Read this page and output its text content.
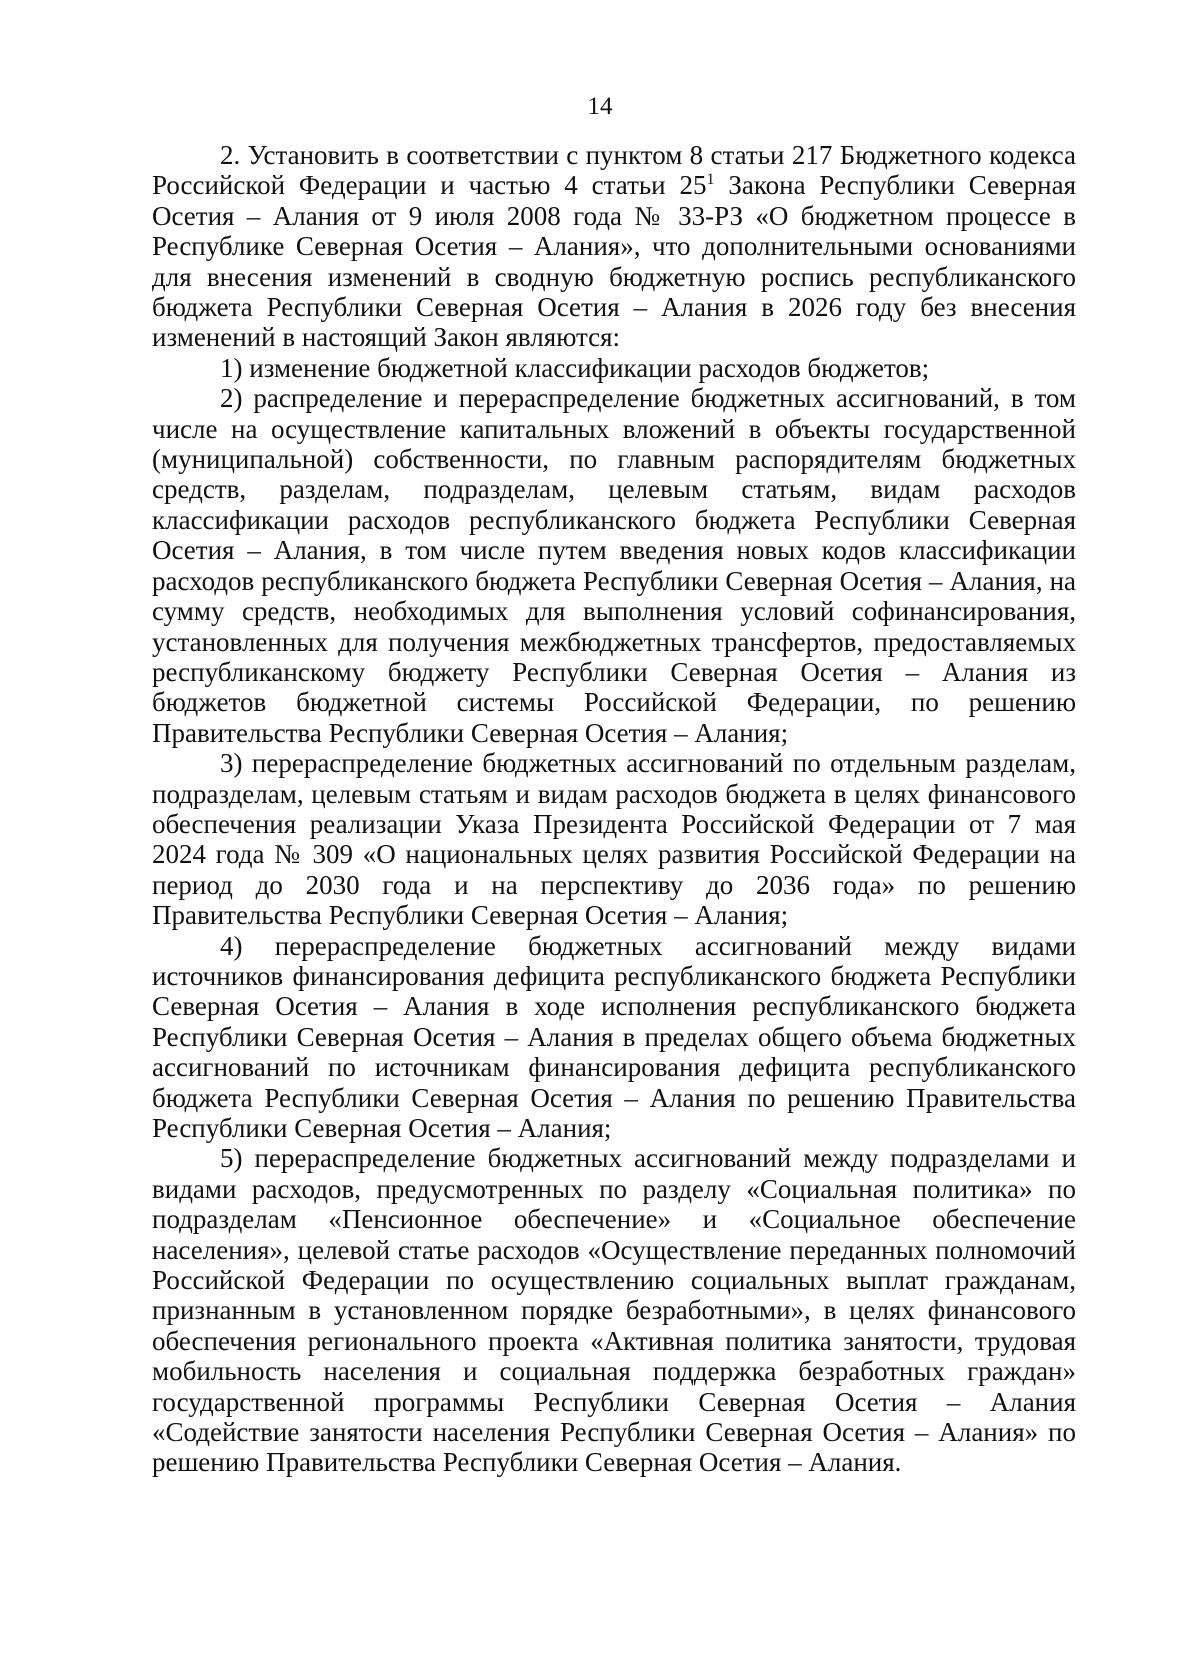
14

2. Установить в соответствии с пунктом 8 статьи 217 Бюджетного кодекса Российской Федерации и частью 4 статьи $25^1$ Закона Республики Северная Осетия – Алания от 9 июля 2008 года № 33-РЗ «О бюджетном процессе в Республике Северная Осетия – Алания», что дополнительными основаниями для внесения изменений в сводную бюджетную роспись республиканского бюджета Республики Северная Осетия – Алания в 2026 году без внесения изменений в настоящий Закон являются:

1) изменение бюджетной классификации расходов бюджетов;

2) распределение и перераспределение бюджетных ассигнований, в том числе на осуществление капитальных вложений в объекты государственной (муниципальной) собственности, по главным распорядителям бюджетных средств, разделам, подразделам, целевым статьям, видам расходов классификации расходов республиканского бюджета Республики Северная Осетия – Алания, в том числе путем введения новых кодов классификации расходов республиканского бюджета Республики Северная Осетия – Алания, на сумму средств, необходимых для выполнения условий софинансирования, установленных для получения межбюджетных трансфертов, предоставляемых республиканскому бюджету Республики Северная Осетия – Алания из бюджетов бюджетной системы Российской Федерации, по решению Правительства Республики Северная Осетия – Алания;

3) перераспределение бюджетных ассигнований по отдельным разделам, подразделам, целевым статьям и видам расходов бюджета в целях финансового обеспечения реализации Указа Президента Российской Федерации от 7 мая 2024 года № 309 «О национальных целях развития Российской Федерации на период до 2030 года и на перспективу до 2036 года» по решению Правительства Республики Северная Осетия – Алания;

4) перераспределение бюджетных ассигнований между видами источников финансирования дефицита республиканского бюджета Республики Северная Осетия – Алания в ходе исполнения республиканского бюджета Республики Северная Осетия – Алания в пределах общего объема бюджетных ассигнований по источникам финансирования дефицита республиканского бюджета Республики Северная Осетия – Алания по решению Правительства Республики Северная Осетия – Алания;

5) перераспределение бюджетных ассигнований между подразделами и видами расходов, предусмотренных по разделу «Социальная политика» по подразделам «Пенсионное обеспечение» и «Социальное обеспечение населения», целевой статье расходов «Осуществление переданных полномочий Российской Федерации по осуществлению социальных выплат гражданам, признанным в установленном порядке безработными», в целях финансового обеспечения регионального проекта «Активная политика занятости, трудовая мобильность населения и социальная поддержка безработных граждан» государственной программы Республики Северная Осетия – Алания «Содействие занятости населения Республики Северная Осетия – Алания» по решению Правительства Республики Северная Осетия – Алания.
